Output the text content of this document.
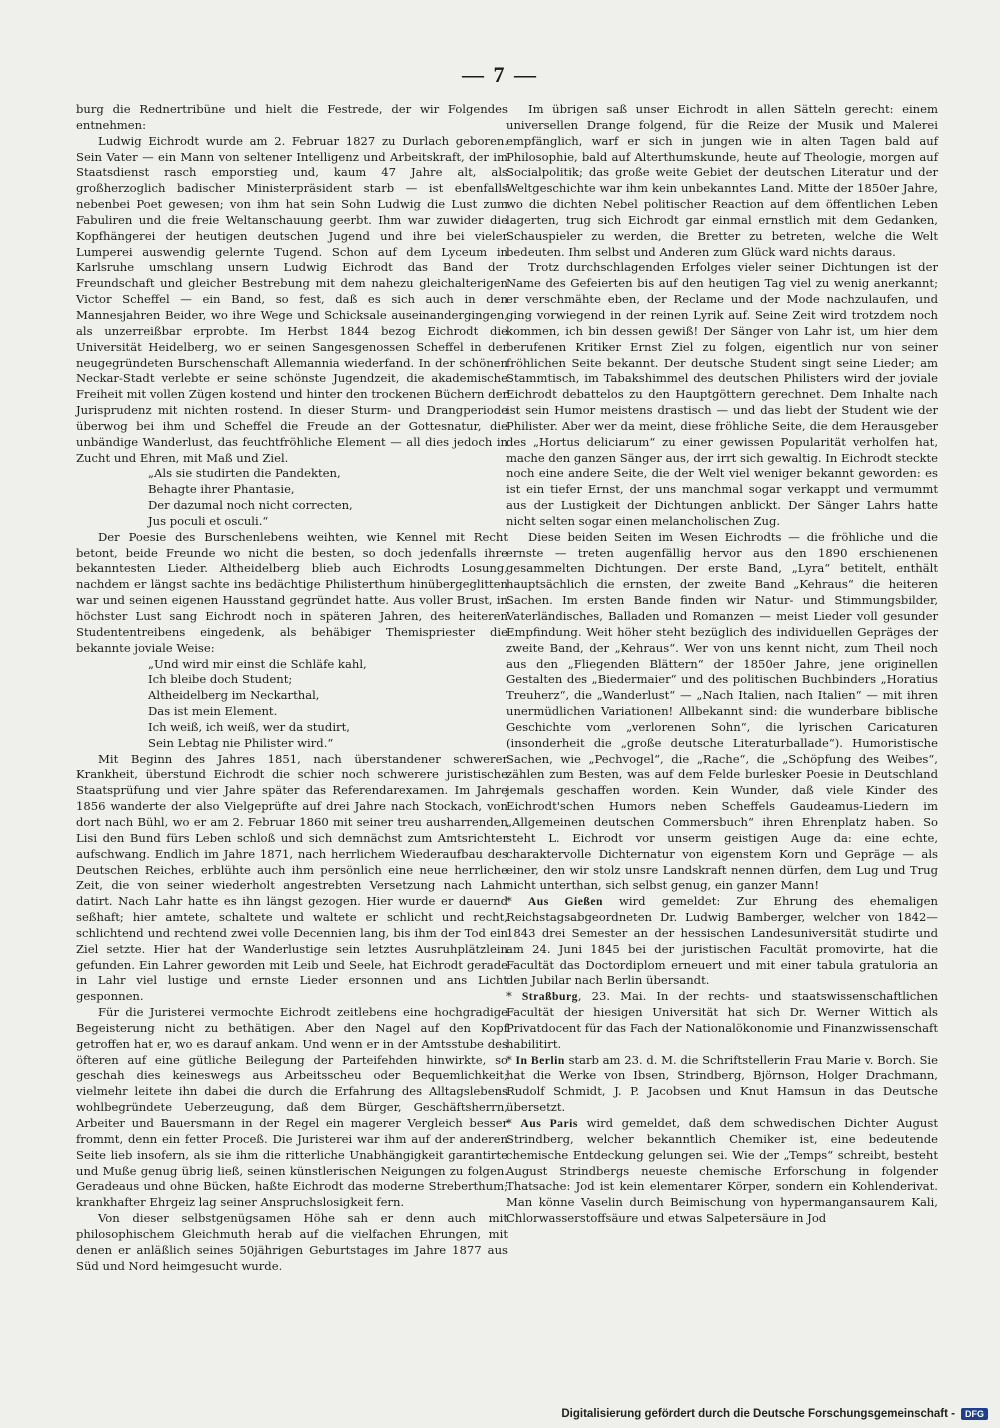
— 7 —

burg die Rednertribüne und hielt die Festrede, der wir Folgendes entnehmen:

Ludwig Eichrodt wurde am 2. Februar 1827 zu Durlach geboren. Sein Vater — ein Mann von seltener Intelligenz und Arbeitskraft, der im Staatsdienst rasch emporstieg und, kaum 47 Jahre alt, als großherzoglich badischer Ministerpräsident starb — ist ebenfalls nebenbei Poet gewesen; von ihm hat sein Sohn Ludwig die Lust zum Fabuliren und die freie Weltanschauung geerbt. Ihm war zuwider die Kopfhängerei der heutigen deutschen Jugend und ihre bei vieler Lumperei auswendig gelernte Tugend. Schon auf dem Lyceum in Karlsruhe umschlang unsern Ludwig Eichrodt das Band der Freundschaft und gleicher Bestrebung mit dem nahezu gleichalterigen Victor Scheffel — ein Band, so fest, daß es sich auch in den Mannesjahren Beider, wo ihre Wege und Schicksale auseinandergingen, als unzerreißbar erprobte. Im Herbst 1844 bezog Eichrodt die Universität Heidelberg, wo er seinen Sangesgenossen Scheffel in der neugegründeten Burschenschaft Allemannia wiederfand. In der schönen Neckar-Stadt verlebte er seine schönste Jugendzeit, die akademische Freiheit mit vollen Zügen kostend und hinter den trockenen Büchern der Jurisprudenz mit nichten rostend. In dieser Sturm- und Drangperiode überwog bei ihm und Scheffel die Freude an der Gottesnatur, die unbändige Wanderlust, das feuchtfröhliche Element — all dies jedoch in Zucht und Ehren, mit Maß und Ziel.

„Als sie studirten die Pandekten,
Behagte ihrer Phantasie,
Der dazumal noch nicht correcten,
Jus poculi et osculi.“

Der Poesie des Burschenlebens weihten, wie Kennel mit Recht betont, beide Freunde wo nicht die besten, so doch jedenfalls ihre bekanntesten Lieder. Altheidelberg blieb auch Eichrodts Losung, nachdem er längst sachte ins bedächtige Philisterthum hinübergeglitten war und seinen eigenen Hausstand gegründet hatte. Aus voller Brust, in höchster Lust sang Eichrodt noch in späteren Jahren, des heiteren Studententreibens eingedenk, als behäbiger Themispriester die bekannte joviale Weise:

„Und wird mir einst die Schläfe kahl,
Ich bleibe doch Student;
Altheidelberg im Neckarthal,
Das ist mein Element.
Ich weiß, ich weiß, wer da studirt,
Sein Lebtag nie Philister wird.“

Mit Beginn des Jahres 1851, nach überstandener schwerer Krankheit, überstund Eichrodt die schier noch schwerere juristische Staatsprüfung und vier Jahre später das Referendarexamen. Im Jahre 1856 wanderte der also Vielgeprüfte auf drei Jahre nach Stockach, von dort nach Bühl, wo er am 2. Februar 1860 mit seiner treu ausharrenden Lisi den Bund fürs Leben schloß und sich demnächst zum Amtsrichter aufschwang. Endlich im Jahre 1871, nach herrlichem Wiederaufbau des Deutschen Reiches, erblühte auch ihm persönlich eine neue herrliche Zeit, die von seiner wiederholt angestrebten Versetzung nach Lahr datirt. Nach Lahr hatte es ihn längst gezogen. Hier wurde er dauernd seßhaft; hier amtete, schaltete und waltete er schlicht und recht, schlichtend und rechtend zwei volle Decennien lang, bis ihm der Tod ein Ziel setzte. Hier hat der Wanderlustige sein letztes Ausruhplätzlein gefunden. Ein Lahrer geworden mit Leib und Seele, hat Eichrodt gerade in Lahr viel lustige und ernste Lieder ersonnen und ans Licht gesponnen.

Für die Juristerei vermochte Eichrodt zeitlebens eine hochgradige Begeisterung nicht zu bethätigen. Aber den Nagel auf den Kopf getroffen hat er, wo es darauf ankam. Und wenn er in der Amtsstube des öfteren auf eine gütliche Beilegung der Parteifehden hinwirkte, so geschah dies keineswegs aus Arbeitsscheu oder Bequemlichkeit; vielmehr leitete ihn dabei die durch die Erfahrung des Alltagslebens wohlbegründete Ueberzeugung, daß dem Bürger, Geschäftsherrn, Arbeiter und Bauersmann in der Regel ein magerer Vergleich besser frommt, denn ein fetter Proceß. Die Juristerei war ihm auf der anderen Seite lieb insofern, als sie ihm die ritterliche Unabhängigkeit garantirte und Muße genug übrig ließ, seinen künstlerischen Neigungen zu folgen. Geradeaus und ohne Bücken, haßte Eichrodt das moderne Streberthum; krankhafter Ehrgeiz lag seiner Anspruchslosigkeit fern.

Von dieser selbstgenügsamen Höhe sah er denn auch mit philosophischem Gleichmuth herab auf die vielfachen Ehrungen, mit denen er anläßlich seines 50jährigen Geburtstages im Jahre 1877 aus Süd und Nord heimgesucht wurde.

Im übrigen saß unser Eichrodt in allen Sätteln gerecht: einem universellen Drange folgend, für die Reize der Musik und Malerei empfänglich, warf er sich in jungen wie in alten Tagen bald auf Philosophie, bald auf Alterthumskunde, heute auf Theologie, morgen auf Socialpolitik; das große weite Gebiet der deutschen Literatur und der Weltgeschichte war ihm kein unbekanntes Land. Mitte der 1850er Jahre, wo die dichten Nebel politischer Reaction auf dem öffentlichen Leben lagerten, trug sich Eichrodt gar einmal ernstlich mit dem Gedanken, Schauspieler zu werden, die Bretter zu betreten, welche die Welt bedeuten. Ihm selbst und Anderen zum Glück ward nichts daraus.

Trotz durchschlagenden Erfolges vieler seiner Dichtungen ist der Name des Gefeierten bis auf den heutigen Tag viel zu wenig anerkannt; er verschmähte eben, der Reclame und der Mode nachzulaufen, und ging vorwiegend in der reinen Lyrik auf. Seine Zeit wird trotzdem noch kommen, ich bin dessen gewiß! Der Sänger von Lahr ist, um hier dem berufenen Kritiker Ernst Ziel zu folgen, eigentlich nur von seiner fröhlichen Seite bekannt. Der deutsche Student singt seine Lieder; am Stammtisch, im Tabakshimmel des deutschen Philisters wird der joviale Eichrodt debattelos zu den Hauptgöttern gerechnet. Dem Inhalte nach ist sein Humor meistens drastisch — und das liebt der Student wie der Philister. Aber wer da meint, diese fröhliche Seite, die dem Herausgeber des „Hortus deliciarum“ zu einer gewissen Popularität verholfen hat, mache den ganzen Sänger aus, der irrt sich gewaltig. In Eichrodt steckte noch eine andere Seite, die der Welt viel weniger bekannt geworden: es ist ein tiefer Ernst, der uns manchmal sogar verkappt und vermummt aus der Lustigkeit der Dichtungen anblickt. Der Sänger Lahrs hatte nicht selten sogar einen melancholischen Zug.

Diese beiden Seiten im Wesen Eichrodts — die fröhliche und die ernste — treten augenfällig hervor aus den 1890 erschienenen gesammelten Dichtungen. Der erste Band, „Lyra“ betitelt, enthält hauptsächlich die ernsten, der zweite Band „Kehraus“ die heiteren Sachen. Im ersten Bande finden wir Natur- und Stimmungsbilder, Vaterländisches, Balladen und Romanzen — meist Lieder voll gesunder Empfindung. Weit höher steht bezüglich des individuellen Gepräges der zweite Band, der „Kehraus“. Wer von uns kennt nicht, zum Theil noch aus den „Fliegenden Blättern“ der 1850er Jahre, jene originellen Gestalten des „Biedermaier“ und des politischen Buchbinders „Horatius Treuherz“, die „Wanderlust“ — „Nach Italien, nach Italien“ — mit ihren unermüdlichen Variationen! Allbekannt sind: die wunderbare biblische Geschichte vom „verlorenen Sohn“, die lyrischen Caricaturen (insonderheit die „große deutsche Literaturballade“). Humoristische Sachen, wie „Pechvogel“, die „Rache“, die „Schöpfung des Weibes“, zählen zum Besten, was auf dem Felde burlesker Poesie in Deutschland jemals geschaffen worden. Kein Wunder, daß viele Kinder des Eichrodt'schen Humors neben Scheffels Gaudeamus-Liedern im „Allgemeinen deutschen Commersbuch“ ihren Ehrenplatz haben. So steht L. Eichrodt vor unserm geistigen Auge da: eine echte, charaktervolle Dichternatur von eigenstem Korn und Gepräge — als einer, den wir stolz unsre Landskraft nennen dürfen, dem Lug und Trug nicht unterthan, sich selbst genug, ein ganzer Mann!

* Aus Gießen wird gemeldet: Zur Ehrung des ehemaligen Reichstagsabgeordneten Dr. Ludwig Bamberger, welcher von 1842—1843 drei Semester an der hessischen Landesuniversität studirte und am 24. Juni 1845 bei der juristischen Facultät promovirte, hat die Facultät das Doctordiplom erneuert und mit einer tabula gratuloria an den Jubilar nach Berlin übersandt.

* Straßburg, 23. Mai. In der rechts- und staatswissenschaftlichen Facultät der hiesigen Universität hat sich Dr. Werner Wittich als Privatdocent für das Fach der Nationalökonomie und Finanzwissenschaft habilitirt.

* In Berlin starb am 23. d. M. die Schriftstellerin Frau Marie v. Borch. Sie hat die Werke von Ibsen, Strindberg, Björnson, Holger Drachmann, Rudolf Schmidt, J. P. Jacobsen und Knut Hamsun in das Deutsche übersetzt.

* Aus Paris wird gemeldet, daß dem schwedischen Dichter August Strindberg, welcher bekanntlich Chemiker ist, eine bedeutende chemische Entdeckung gelungen sei. Wie der „Temps“ schreibt, besteht August Strindbergs neueste chemische Erforschung in folgender Thatsache: Jod ist kein elementarer Körper, sondern ein Kohlenderivat. Man könne Vaselin durch Beimischung von hypermangansaurem Kali, Chlorwasserstoffsäure und etwas Salpetersäure in Jod

Digitalisierung gefördert durch die Deutsche Forschungsgemeinschaft -	DFG
